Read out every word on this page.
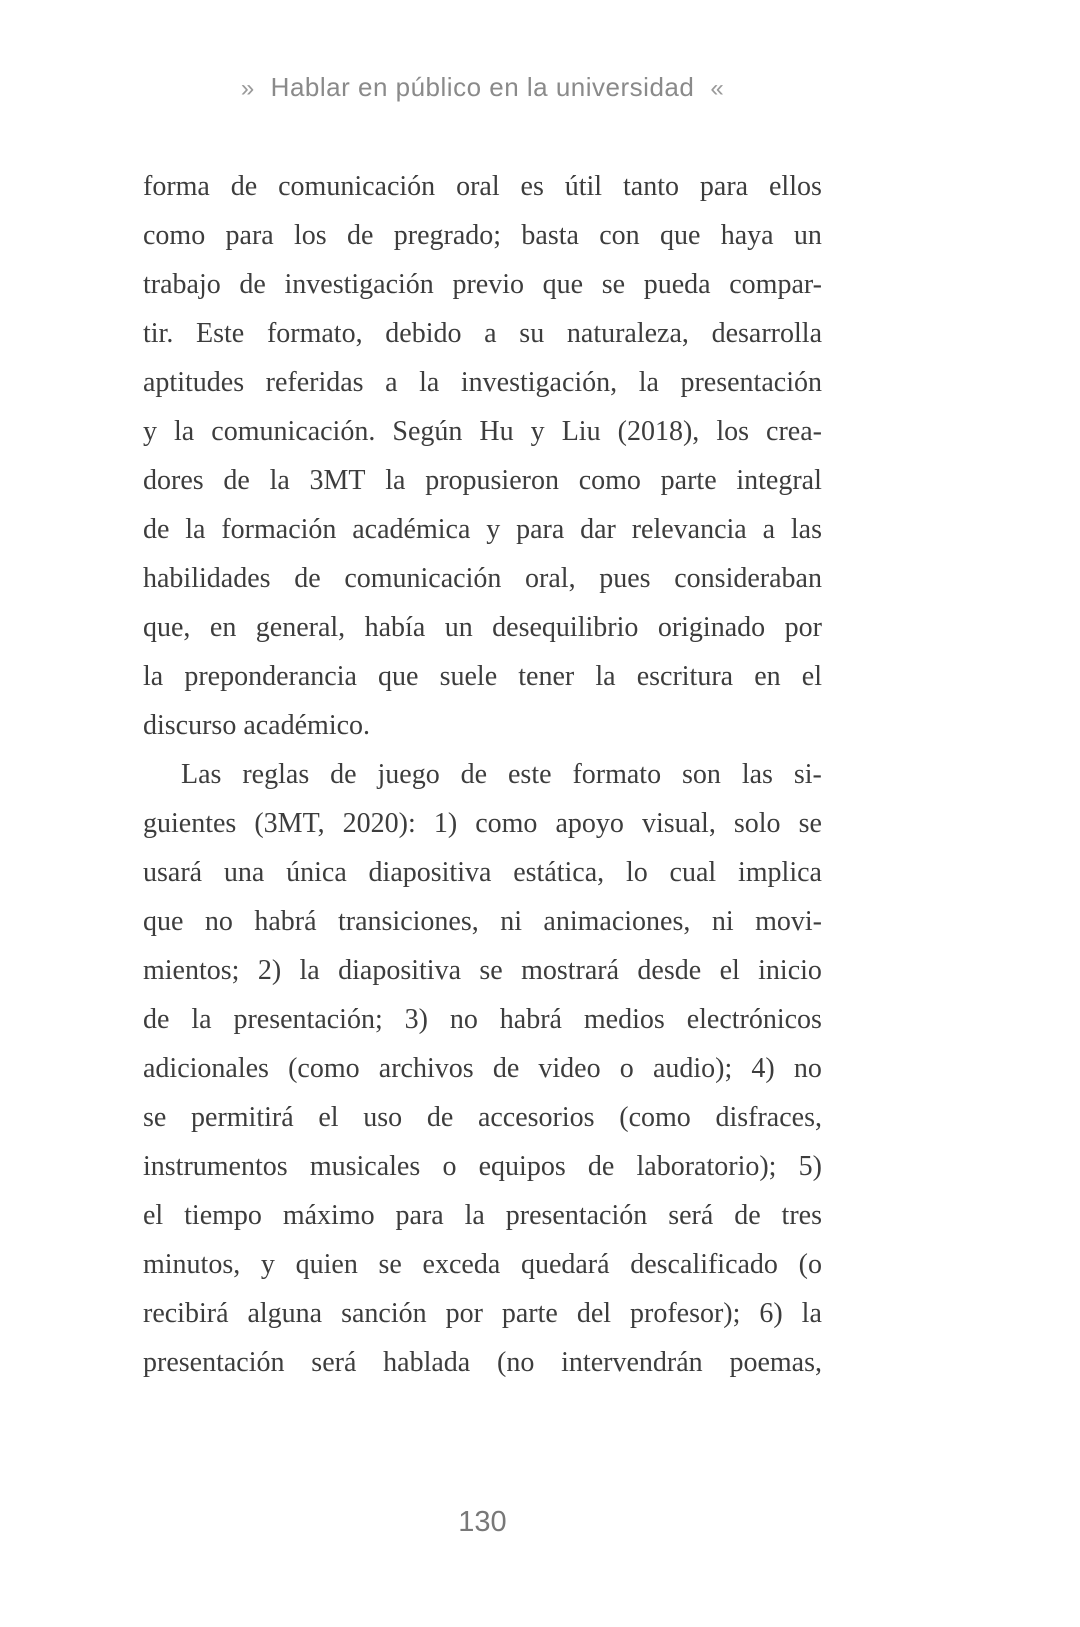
» Hablar en público en la universidad «
forma de comunicación oral es útil tanto para ellos
como para los de pregrado; basta con que haya un
trabajo de investigación previo que se pueda compar-
tir. Este formato, debido a su naturaleza, desarrolla
aptitudes referidas a la investigación, la presentación
y la comunicación. Según Hu y Liu (2018), los crea-
dores de la 3MT la propusieron como parte integral
de la formación académica y para dar relevancia a las
habilidades de comunicación oral, pues consideraban
que, en general, había un desequilibrio originado por
la preponderancia que suele tener la escritura en el
discurso académico.
Las reglas de juego de este formato son las si-
guientes (3MT, 2020): 1) como apoyo visual, solo se
usará una única diapositiva estática, lo cual implica
que no habrá transiciones, ni animaciones, ni movi-
mientos; 2) la diapositiva se mostrará desde el inicio
de la presentación; 3) no habrá medios electrónicos
adicionales (como archivos de video o audio); 4) no
se permitirá el uso de accesorios (como disfraces,
instrumentos musicales o equipos de laboratorio); 5)
el tiempo máximo para la presentación será de tres
minutos, y quien se exceda quedará descalificado (o
recibirá alguna sanción por parte del profesor); 6) la
presentación será hablada (no intervendrán poemas,
130
